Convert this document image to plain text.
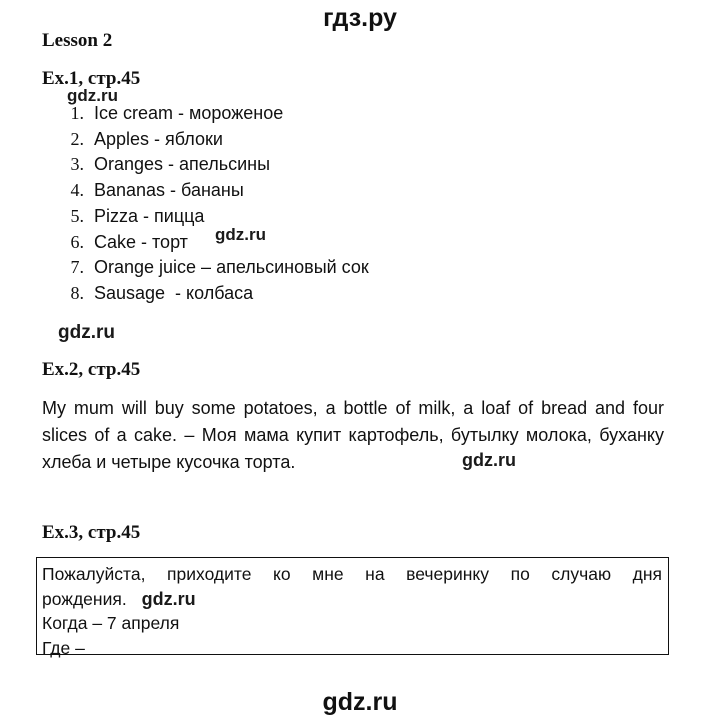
гдз.ру
Lesson 2
Ex.1, стр.45
gdz.ru
1. Ice cream - мороженое
2. Apples - яблоки
3. Oranges - апельсины
4. Bananas - бананы
5. Pizza - пицца
6. Cake - торт
7. Orange juice – апельсиновый сок
8. Sausage  - колбаса
gdz.ru
gdz.ru
Ex.2, стр.45
My mum will buy some potatoes, a bottle of milk, a loaf of bread and four slices of a cake. – Моя мама купит картофель, бутылку молока, буханку хлеба и четыре кусочка торта.	gdz.ru
Ex.3, стр.45
Пожалуйста, приходите ко мне на вечеринку по случаю дня
рождения. gdz.ru
Когда – 7 апреля
Где –
gdz.ru
